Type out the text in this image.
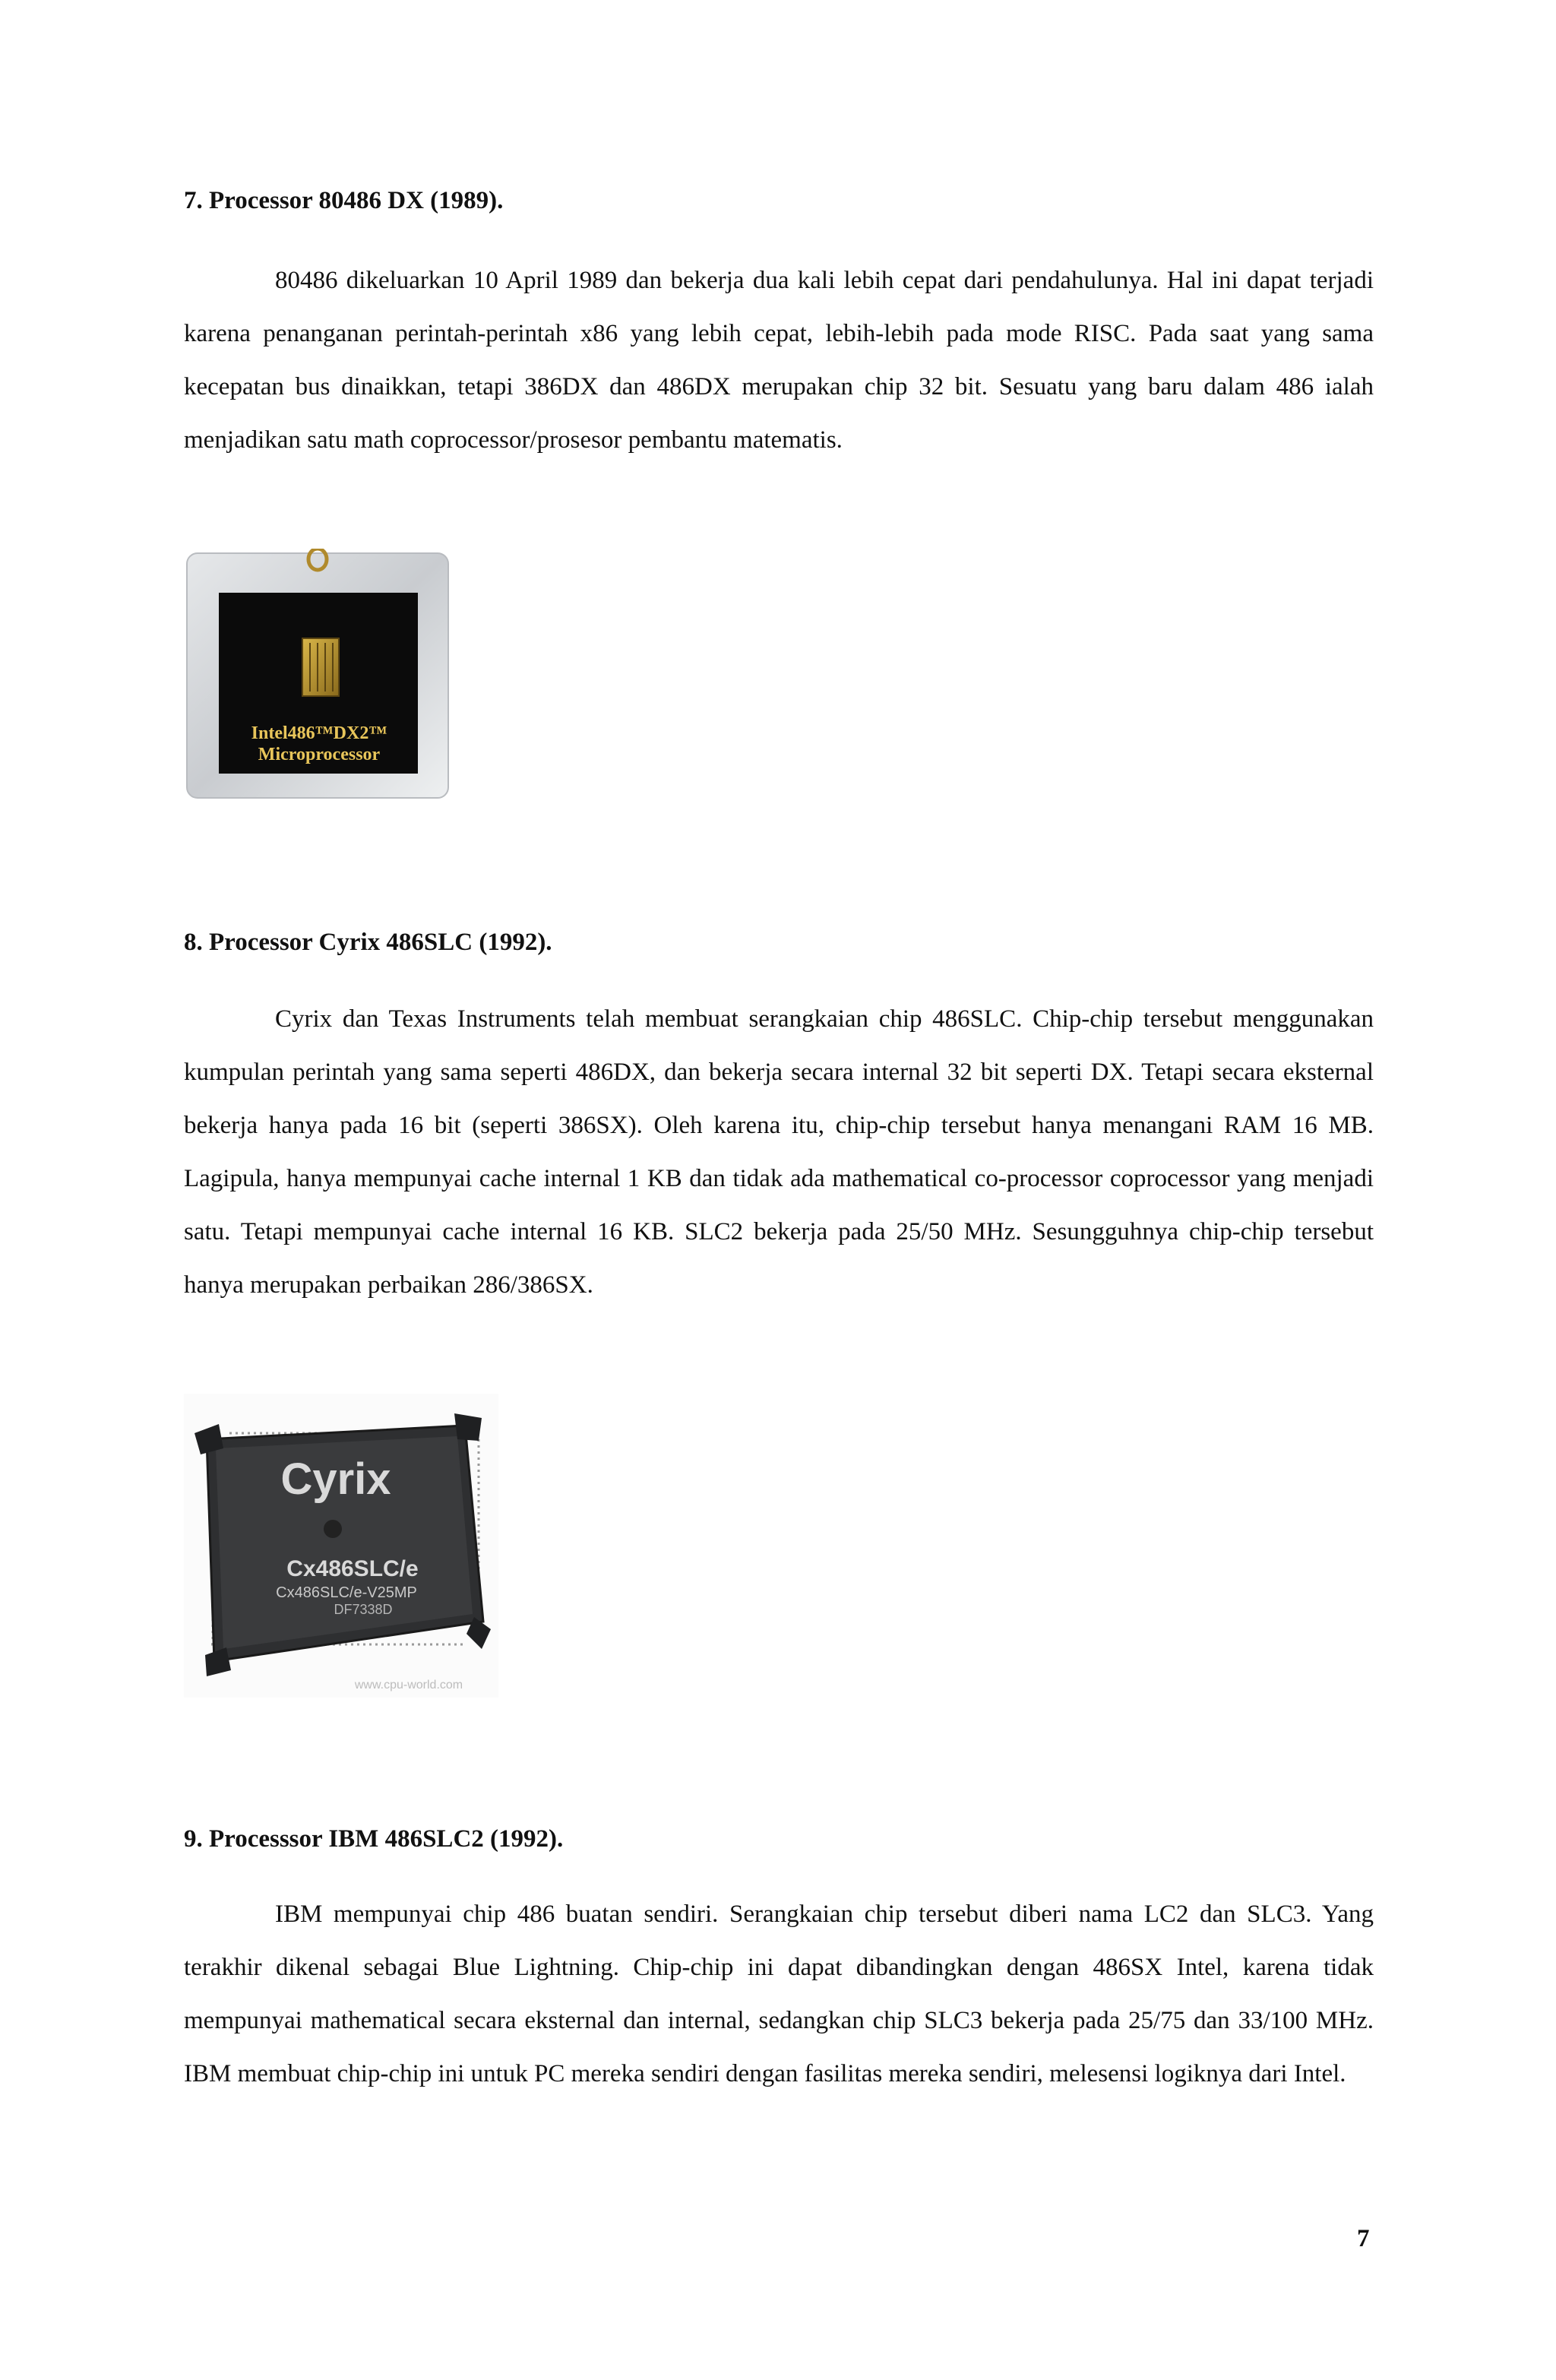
7. Processor 80486 DX (1989).

80486 dikeluarkan 10 April 1989 dan bekerja dua kali lebih cepat dari pendahulunya. Hal ini dapat terjadi karena penanganan perintah-perintah x86 yang lebih cepat, lebih-lebih pada mode RISC. Pada saat yang sama kecepatan bus dinaikkan, tetapi 386DX dan 486DX merupakan chip 32 bit. Sesuatu yang baru dalam 486 ialah menjadikan satu math coprocessor/prosesor pembantu matematis.

Intel486™DX2™
Microprocessor
8. Processor Cyrix 486SLC (1992).

Cyrix dan Texas Instruments telah membuat serangkaian chip 486SLC. Chip-chip tersebut menggunakan kumpulan perintah yang sama seperti 486DX, dan bekerja secara internal 32 bit seperti DX. Tetapi secara eksternal bekerja hanya pada 16 bit (seperti 386SX). Oleh karena itu, chip-chip tersebut hanya menangani RAM 16 MB. Lagipula, hanya mempunyai cache internal 1 KB dan tidak ada mathematical co-processor coprocessor yang menjadi satu. Tetapi mempunyai cache internal 16 KB. SLC2 bekerja pada 25/50 MHz. Sesungguhnya chip-chip tersebut hanya merupakan perbaikan 286/386SX.

Cyrix
Cx486SLC/e
Cx486SLC/e-V25MP
DF7338D
www.cpu-world.com
9. Processsor IBM 486SLC2 (1992).

IBM mempunyai chip 486 buatan sendiri. Serangkaian chip tersebut diberi nama LC2 dan SLC3. Yang terakhir dikenal sebagai Blue Lightning. Chip-chip ini dapat dibandingkan dengan 486SX Intel, karena tidak mempunyai mathematical secara eksternal dan internal, sedangkan chip SLC3 bekerja pada 25/75 dan 33/100 MHz. IBM membuat chip-chip ini untuk PC mereka sendiri dengan fasilitas mereka sendiri, melesensi logiknya dari Intel.

7
